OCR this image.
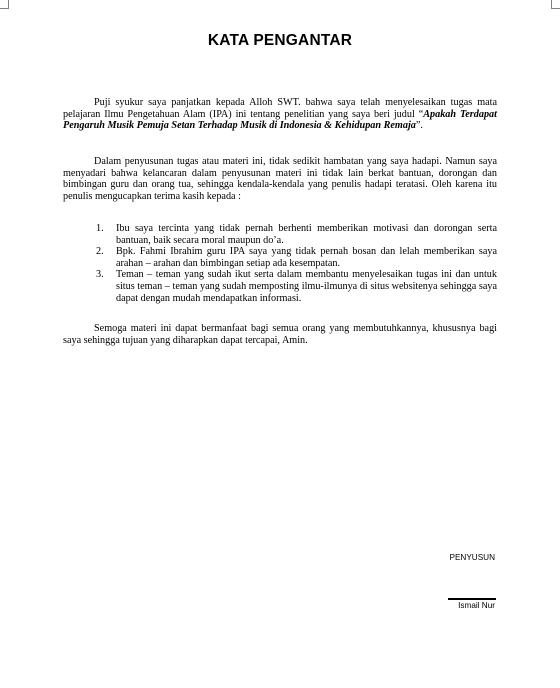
KATA PENGANTAR

Puji syukur saya panjatkan kepada Alloh SWT. bahwa saya telah menyelesaikan tugas mata pelajaran Ilmu Pengetahuan Alam (IPA) ini tentang penelitian yang saya beri judul “Apakah Terdapat Pengaruh Musik Pemuja Setan Terhadap Musik di Indonesia & Kehidupan Remaja”.

Dalam penyusunan tugas atau materi ini, tidak sedikit hambatan yang saya hadapi. Namun saya menyadari bahwa kelancaran dalam penyusunan materi ini tidak lain berkat bantuan, dorongan dan bimbingan guru dan orang tua, sehingga kendala-kendala yang penulis hadapi teratasi. Oleh karena itu penulis mengucapkan terima kasih kepada :

1. Ibu saya tercinta yang tidak pernah berhenti memberikan motivasi dan dorongan serta bantuan, baik secara moral maupun do’a.
2. Bpk. Fahmi Ibrahim guru IPA saya yang tidak pernah bosan dan lelah memberikan saya arahan – arahan dan bimbingan setiap ada kesempatan.
3. Teman – teman yang sudah ikut serta dalam membantu menyelesaikan tugas ini dan untuk situs teman – teman yang sudah memposting ilmu-ilmunya di situs websitenya sehingga saya dapat dengan mudah mendapatkan informasi.

Semoga materi ini dapat bermanfaat bagi semua orang yang membutuhkannya, khususnya bagi saya sehingga tujuan yang diharapkan dapat tercapai, Amin.

PENYUSUN
Ismail Nur
